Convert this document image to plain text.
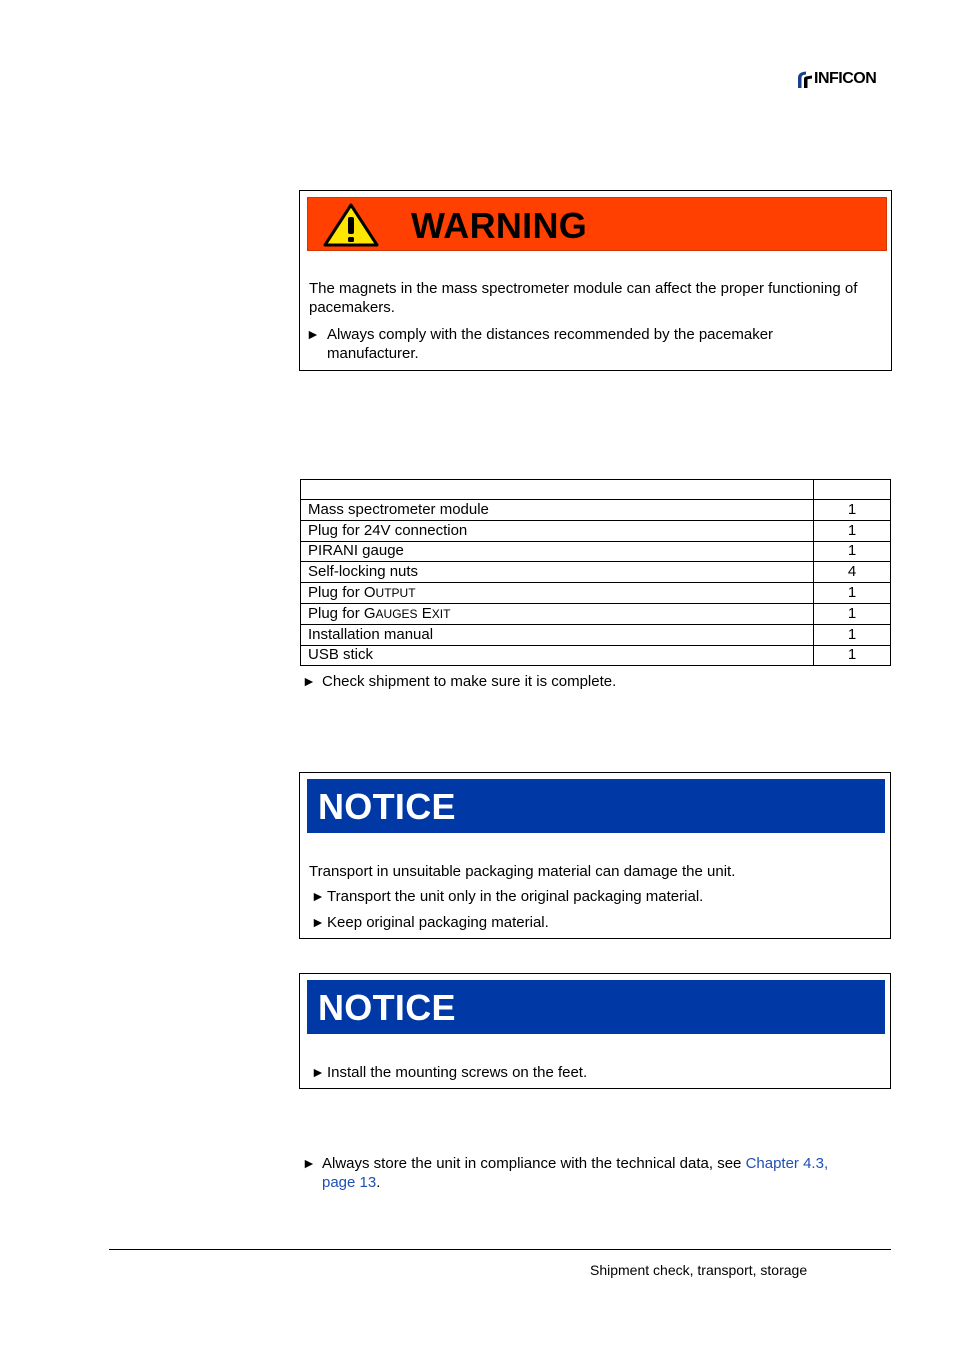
INFICON
WARNING
The magnets in the mass spectrometer module can affect the proper functioning of pacemakers.
► Always comply with the distances recommended by the pacemaker
manufacturer.

Mass spectrometer module	1
Plug for 24V connection	1
PIRANI gauge	1
Self-locking nuts	4
Plug for OUTPUT	1
Plug for GAUGES EXIT	1
Installation manual	1
USB stick	1
► Check shipment to make sure it is complete.
NOTICE
Transport in unsuitable packaging material can damage the unit.
► Transport the unit only in the original packaging material.
► Keep original packaging material.
NOTICE
► Install the mounting screws on the feet.
► Always store the unit in compliance with the technical data, see Chapter 4.3,
page 13.
Shipment check, transport, storage
